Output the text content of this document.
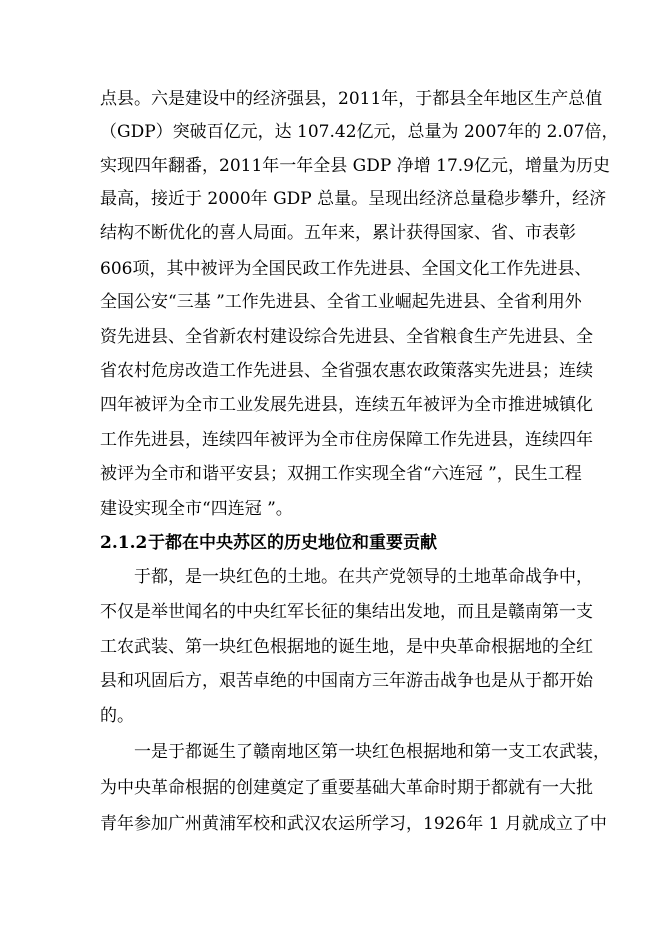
点县。六是建设中的经济强县，2011年，于都县全年地区生产总值
（GDP）突破百亿元，达 107.42亿元，总量为 2007年的 2.07倍，
实现四年翻番，2011年一年全县 GDP 净增 17.9亿元，增量为历史
最高，接近于 2000年 GDP 总量。呈现出经济总量稳步攀升，经济
结构不断优化的喜人局面。五年来，累计获得国家、省、市表彰
606项，其中被评为全国民政工作先进县、全国文化工作先进县、
全国公安“三基 ”工作先进县、全省工业崛起先进县、全省利用外
资先进县、全省新农村建设综合先进县、全省粮食生产先进县、全
省农村危房改造工作先进县、全省强农惠农政策落实先进县；连续
四年被评为全市工业发展先进县，连续五年被评为全市推进城镇化
工作先进县，连续四年被评为全市住房保障工作先进县，连续四年
被评为全市和谐平安县；双拥工作实现全省“六连冠 ”，民生工程
建设实现全市“四连冠 ”。
2.1.2于都在中央苏区的历史地位和重要贡献
于都，是一块红色的土地。在共产党领导的土地革命战争中，
不仅是举世闻名的中央红军长征的集结出发地，而且是赣南第一支
工农武装、第一块红色根据地的诞生地，是中央革命根据地的全红
县和巩固后方，艰苦卓绝的中国南方三年游击战争也是从于都开始
的。
一是于都诞生了赣南地区第一块红色根据地和第一支工农武装，
为中央革命根据的创建奠定了重要基础大革命时期于都就有一大批
青年参加广州黄浦军校和武汉农运所学习，1926年 1 月就成立了中
